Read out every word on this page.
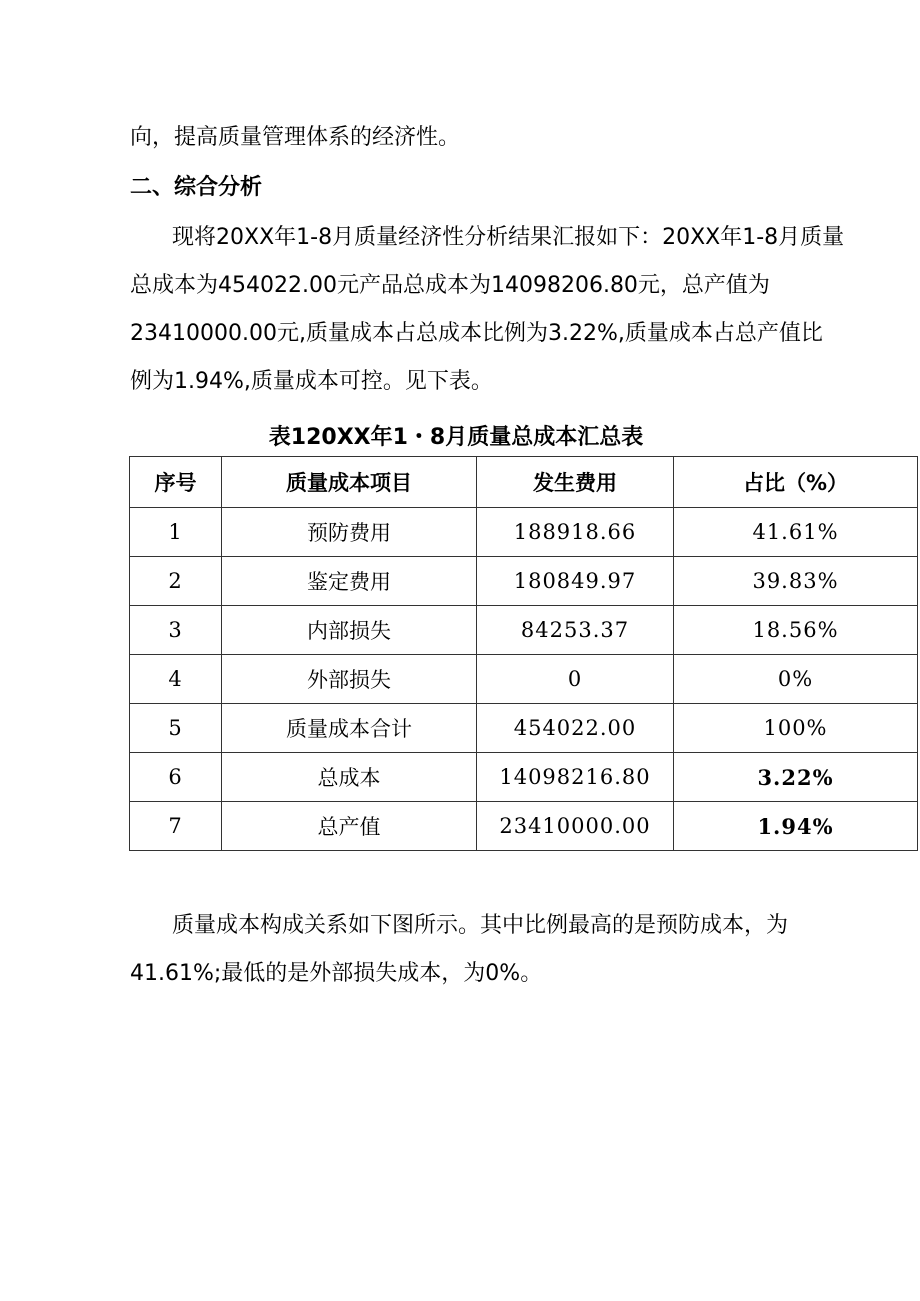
向，提高质量管理体系的经济性。
二、综合分析
现将20XX年1-8月质量经济性分析结果汇报如下：20XX年1-8月质量
总成本为454022.00元产品总成本为14098206.80元，总产值为
23410000.00元,质量成本占总成本比例为3.22%,质量成本占总产值比
例为1.94%,质量成本可控。见下表。
表120XX年1・8月质量总成本汇总表
序号	质量成本项目	发生费用	占比（%）
1	预防费用	188918.66	41.61%
2	鉴定费用	180849.97	39.83%
3	内部损失	84253.37	18.56%
4	外部损失	0	0%
5	质量成本合计	454022.00	100%
6	总成本	14098216.80	3.22%
7	总产值	23410000.00	1.94%
质量成本构成关系如下图所示。其中比例最高的是预防成本，为
41.61%;最低的是外部损失成本，为0%。
